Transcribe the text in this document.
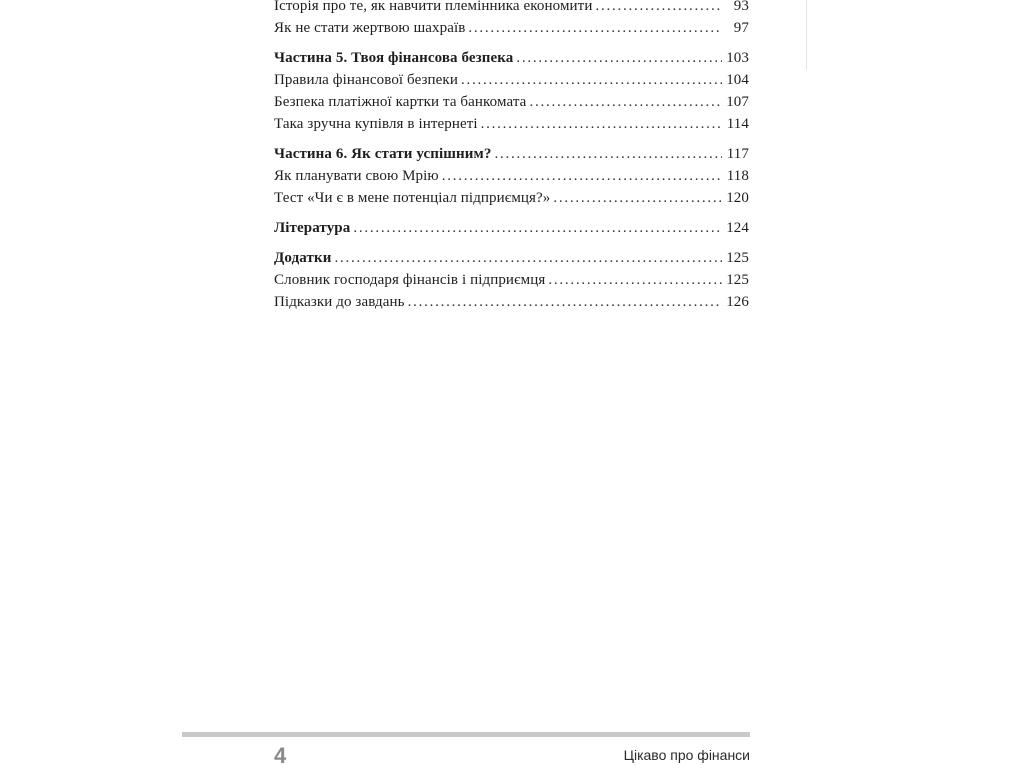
Історія про те, як навчити племінника економити . . .	93
Як не стати жертвою шахраїв . . .	97
Частина 5. Твоя фінансова безпека . . .	103
Правила фінансової безпеки . . .	104
Безпека платіжної картки та банкомата . . .	107
Така зручна купівля в інтернеті . . .	114
Частина 6. Як стати успішним? . . .	117
Як планувати свою Мрію . . .	118
Тест «Чи є в мене потенціал підприємця?» . . .	120
Література . . .	124
Додатки . . .	125
Словник господаря фінансів і підприємця . . .	125
Підказки до завдань . . .	126
4	Цікаво про фінанси
